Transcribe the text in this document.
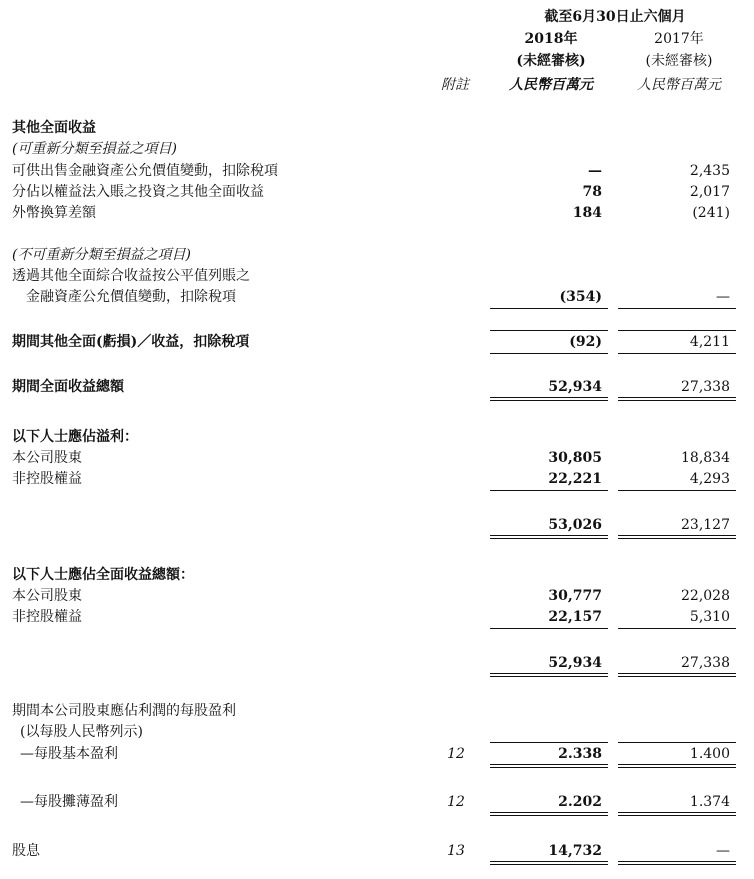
截至6月30日止六個月
2018年	2017年
(未經審核)	(未經審核)
附註	人民幣百萬元	人民幣百萬元
其他全面收益
(可重新分類至損益之項目)
可供出售金融資產公允價值變動，扣除稅項	—	2,435
分佔以權益法入賬之投資之其他全面收益	78	2,017
外幣換算差額	184	(241)
(不可重新分類至損益之項目)
透過其他全面綜合收益按公平值列賬之
金融資產公允價值變動，扣除稅項	(354)	—
期間其他全面(虧損)／收益，扣除稅項	(92)	4,211
期間全面收益總額	52,934	27,338
以下人士應佔溢利：
本公司股東	30,805	18,834
非控股權益	22,221	4,293
53,026	23,127
以下人士應佔全面收益總額：
本公司股東	30,777	22,028
非控股權益	22,157	5,310
52,934	27,338
期間本公司股東應佔利潤的每股盈利
(以每股人民幣列示)
—每股基本盈利	12	2.338	1.400
—每股攤薄盈利	12	2.202	1.374
股息	13	14,732	—
